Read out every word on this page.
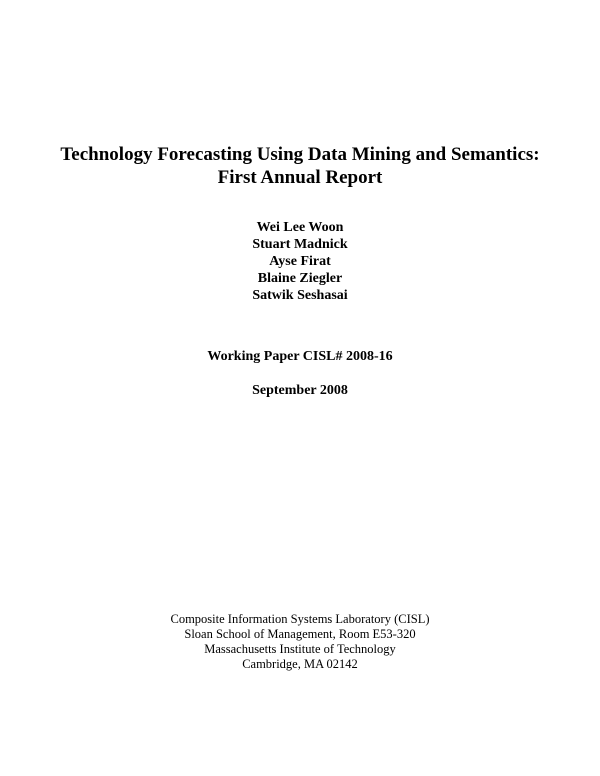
Technology Forecasting Using Data Mining and Semantics:
First Annual Report
Wei Lee Woon
Stuart Madnick
Ayse Firat
Blaine Ziegler
Satwik Seshasai
Working Paper CISL# 2008-16
September 2008
Composite Information Systems Laboratory (CISL)
Sloan School of Management, Room E53-320
Massachusetts Institute of Technology
Cambridge, MA 02142
